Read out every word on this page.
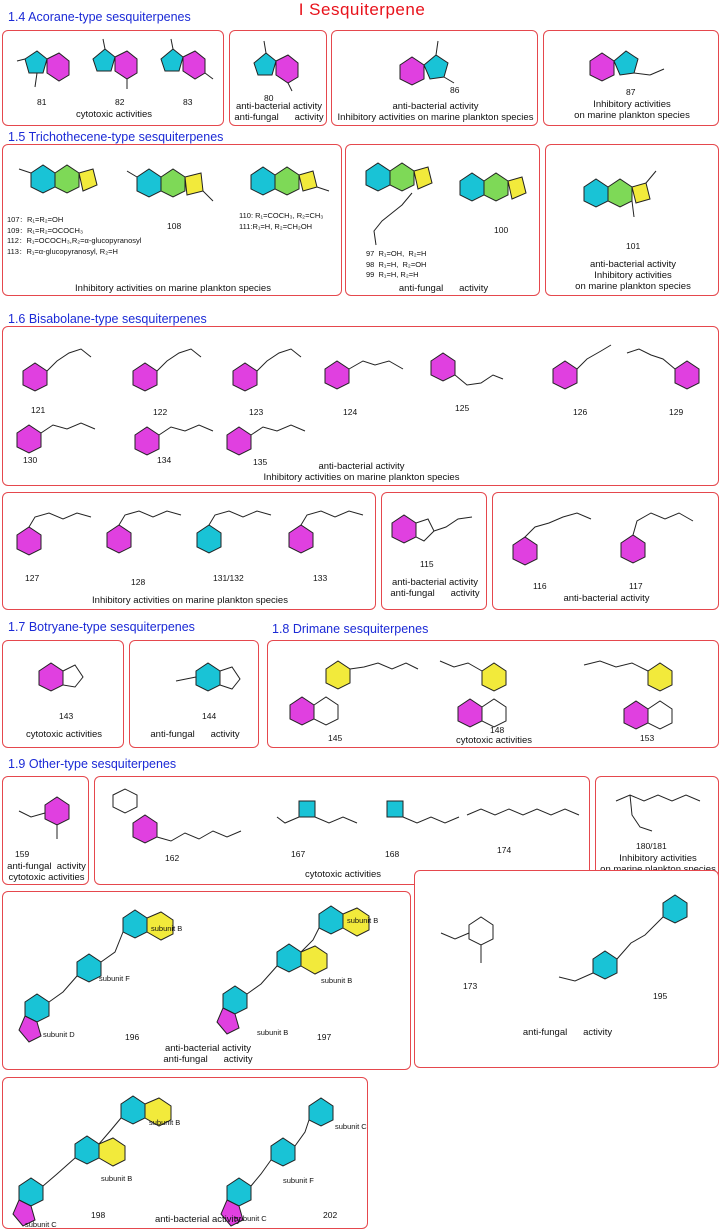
I Sesquiterpene
1.4 Acorane-type sesquiterpenes
81	82	83
cytotoxic activities
80
anti-bacterial activity
anti-fungal      activity
86
anti-bacterial activity
Inhibitory activities on marine plankton species
87
Inhibitory activities
on marine plankton species
1.5 Trichothecene-type sesquiterpenes
108
107：R₁=R₂=OH
109：R₁=R₂=OCOCH₃
112：R₁=OCOCH₃,R₂=α-glucopyranosyl
113：R₁=α-glucopyranosyl, R₂=H
110: R₁=COCH₃, R₂=CH₃
111:R₁=H, R₂=CH₂OH
Inhibitory activities on marine plankton species
100
97  R₁=OH,  R₂=H
98  R₁=H,  R₂=OH
99  R₁=H, R₂=H
anti-fungal      activity
101
anti-bacterial activity
Inhibitory activities
on marine plankton species
1.6 Bisabolane-type sesquiterpenes
121	122	123	124	125	126	129
130	134	135	anti-bacterial activity
Inhibitory activities on marine plankton species
127	128	131/132	133
Inhibitory activities on marine plankton species
115
anti-bacterial activity
anti-fungal      activity
116	117
anti-bacterial activity
1.7 Botryane-type sesquiterpenes	1.8 Drimane sesquiterpenes
143
cytotoxic activities
144
anti-fungal      activity	145
148
153
cytotoxic activities
1.9 Other-type sesquiterpenes
159
anti-fungal  activity
cytotoxic activities
162	167	168	174
cytotoxic activities
180/181
Inhibitory activities

subunit B
subunit F
subunit D
subunit B
subunit B
subunit B
196	197
anti-bacterial activity
anti-fungal      activity
173
195
anti-fungal      activity
subunit B
subunit B
subunit C
subunit C
subunit F
subunit C
198	202
anti-bacterial activity
